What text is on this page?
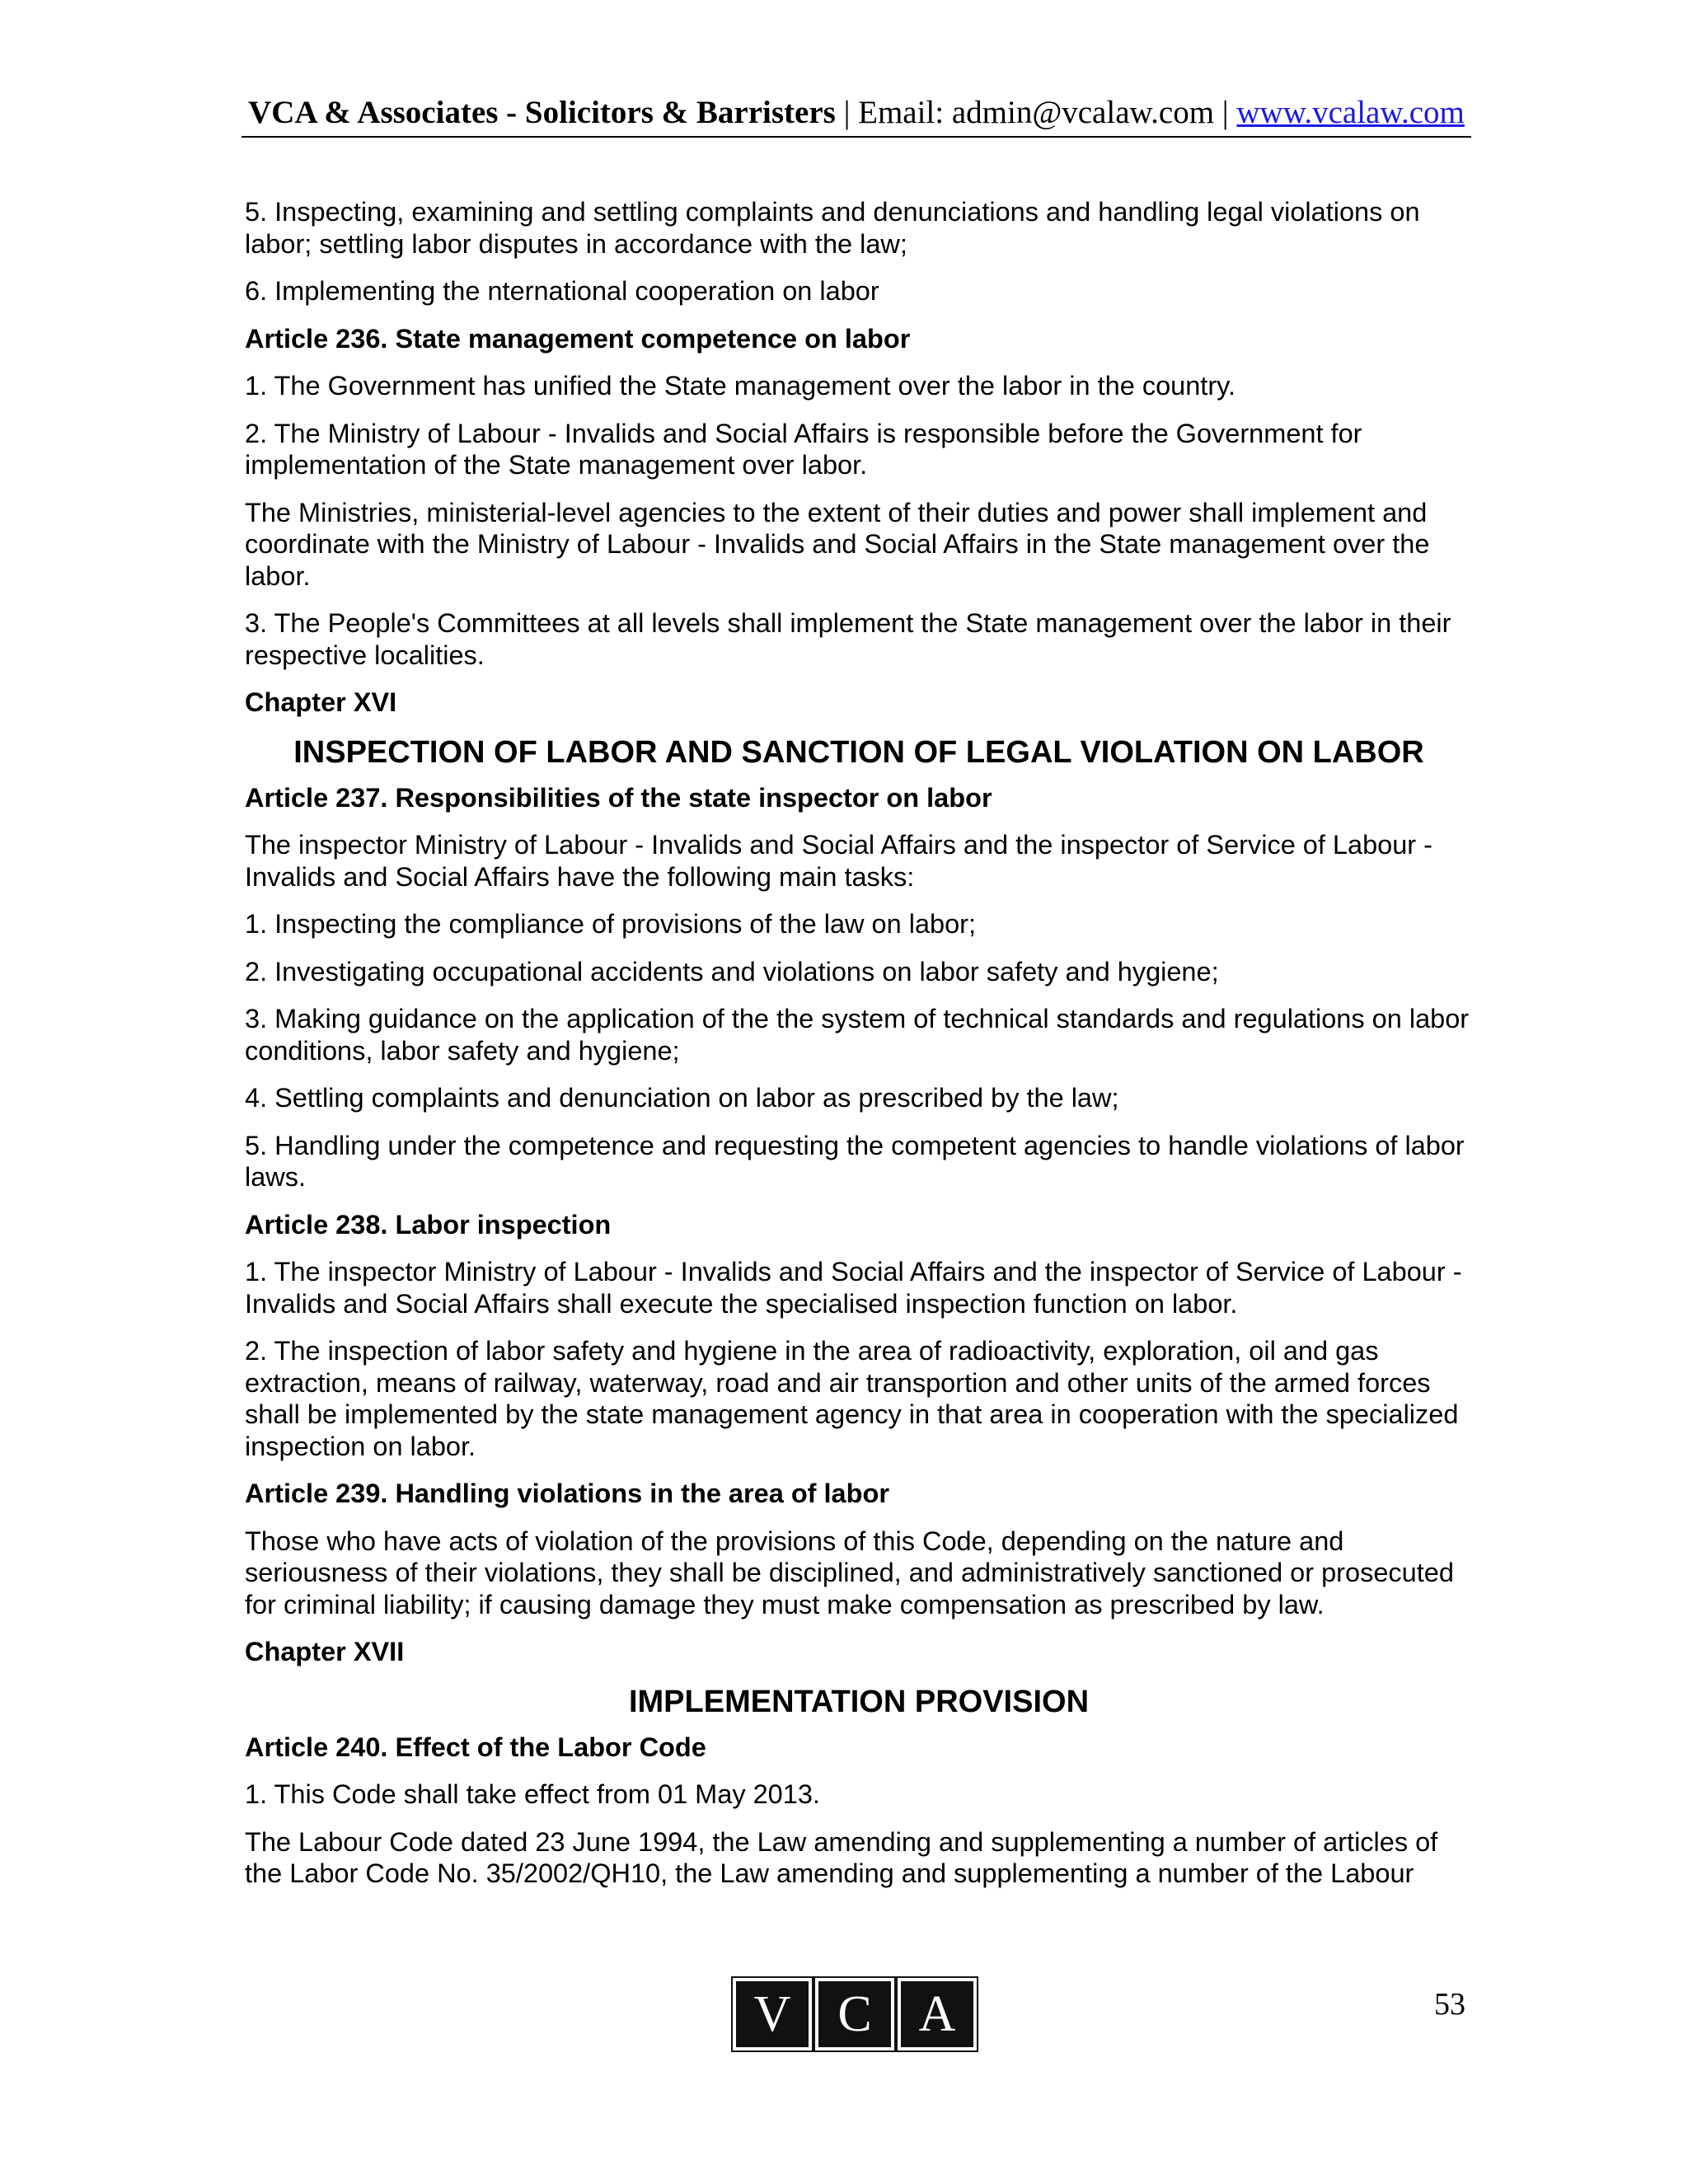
VCA & Associates - Solicitors & Barristers | Email: admin@vcalaw.com | www.vcalaw.com

5. Inspecting, examining and settling complaints and denunciations and handling legal violations on labor; settling labor disputes in accordance with the law;

6. Implementing the nternational cooperation on labor

Article 236. State management competence on labor

1. The Government has unified the State management over the labor in the country.

2. The Ministry of Labour - Invalids and Social Affairs is responsible before the Government for implementation of the State management over labor.

The Ministries, ministerial-level agencies to the extent of their duties and power shall implement and coordinate with the Ministry of Labour - Invalids and Social Affairs in the State management over the labor.

3. The People's Committees at all levels shall implement the State management over the labor in their respective localities.

Chapter XVI

INSPECTION OF LABOR AND SANCTION OF LEGAL VIOLATION ON LABOR

Article 237. Responsibilities of the state inspector on labor

The inspector Ministry of Labour - Invalids and Social Affairs and the inspector of Service of Labour - Invalids and Social Affairs have the following main tasks:

1. Inspecting the compliance of provisions of the law on labor;

2. Investigating occupational accidents and violations on labor safety and hygiene;

3. Making guidance on the application of the the system of technical standards and regulations on labor conditions, labor safety and hygiene;

4. Settling complaints and denunciation on labor as prescribed by the law;

5. Handling under the competence and requesting the competent agencies to handle violations of labor laws.

Article 238. Labor inspection

1. The inspector Ministry of Labour - Invalids and Social Affairs and the inspector of Service of Labour - Invalids and Social Affairs shall execute the specialised inspection function on labor.

2. The inspection of labor safety and hygiene in the area of radioactivity, exploration, oil and gas extraction, means of railway, waterway, road and air transportion and other units of the armed forces shall be implemented by the state management agency in that area in cooperation with the specialized inspection on labor.

Article 239. Handling violations in the area of labor

Those who have acts of violation of the provisions of this Code, depending on the nature and seriousness of their violations, they shall be disciplined, and administratively sanctioned or prosecuted for criminal liability; if causing damage they must make compensation as prescribed by law.

Chapter XVII

IMPLEMENTATION PROVISION

Article 240. Effect of the Labor Code

1. This Code shall take effect from 01 May 2013.

The Labour Code dated 23 June 1994, the Law amending and supplementing a number of articles of the Labor Code No. 35/2002/QH10, the Law amending and supplementing a number of the Labour

V C A	53
